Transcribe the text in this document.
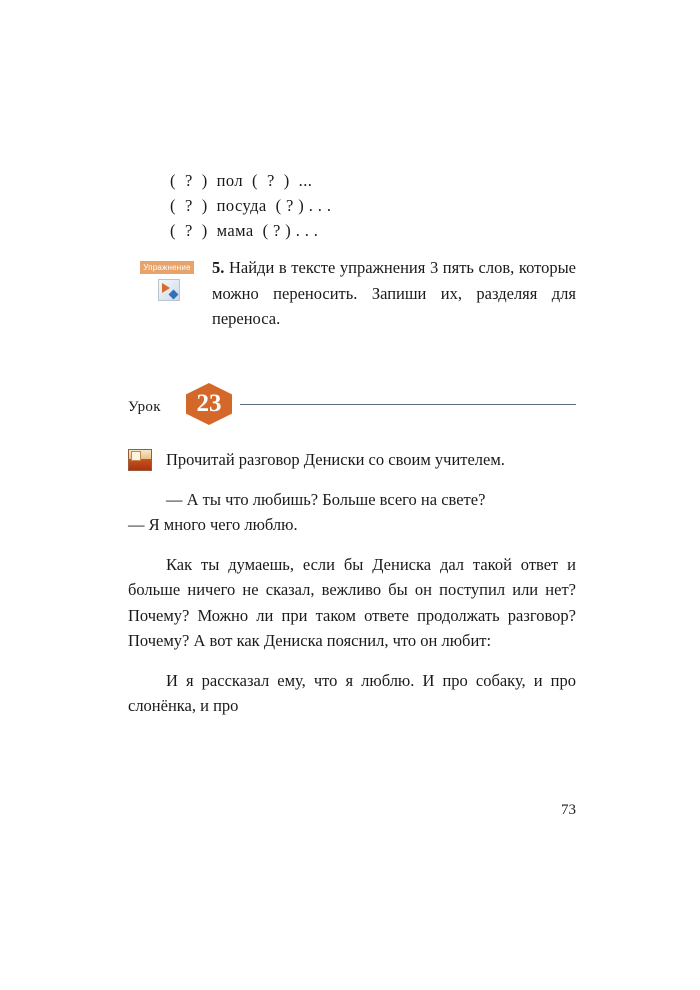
(  ?  )  пол  (  ?  )  ...
(  ?  )  посуда  ( ? ) . . .
(  ?  )  мама  ( ? ) . . .
Упражнение	5. Найди в тексте упражнения 3 пять слов, которые можно переносить. Запиши их, разделяя для переноса.
Урок	23
Прочитай разговор Дениски со своим учителем.

— А ты что любишь? Больше всего на свете?

— Я много чего люблю.

Как ты думаешь, если бы Дениска дал такой ответ и больше ничего не сказал, вежливо бы он поступил или нет? Почему? Можно ли при таком ответе продолжать разговор? Почему? А вот как Дениска пояснил, что он любит:

И я рассказал ему, что я люблю. И про собаку, и про слонёнка, и про

73
